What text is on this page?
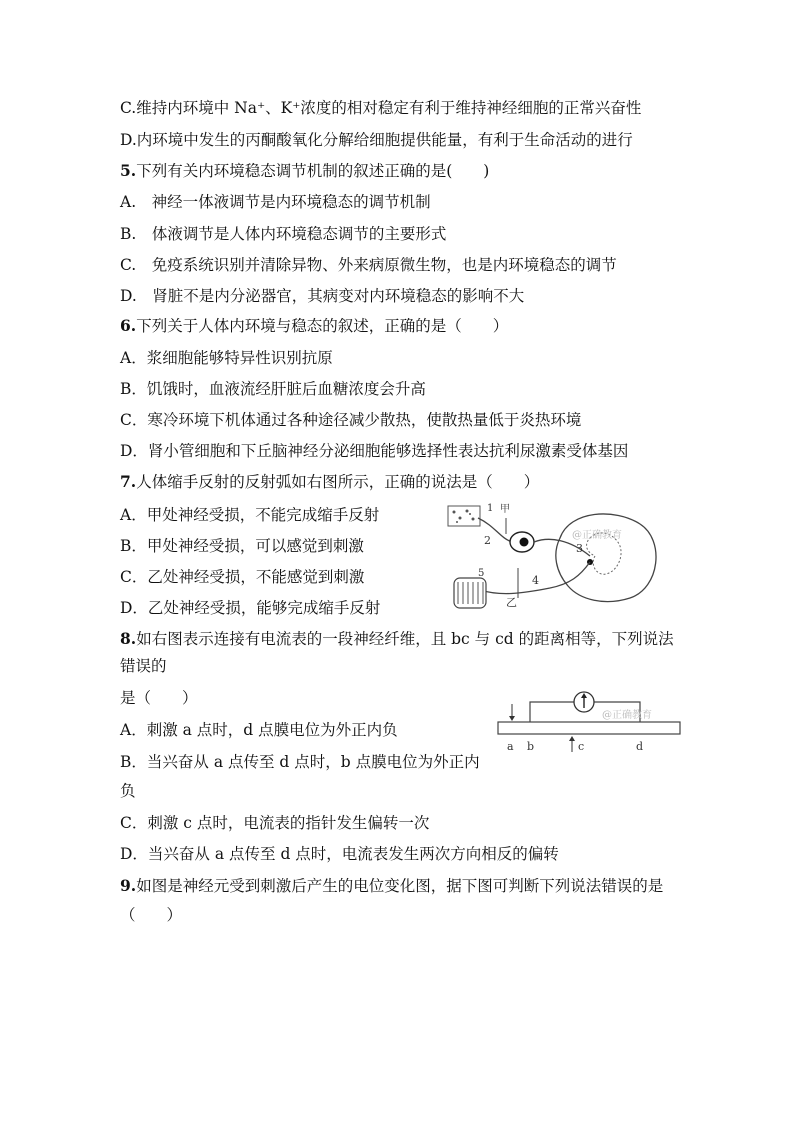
C.维持内环境中 Na⁺、K⁺浓度的相对稳定有利于维持神经细胞的正常兴奋性
D.内环境中发生的丙酮酸氧化分解给细胞提供能量，有利于生命活动的进行
5.下列有关内环境稳态调节机制的叙述正确的是(　　)
A.　神经一体液调节是内环境稳态的调节机制
B.　体液调节是人体内环境稳态调节的主要形式
C.　免疫系统识别并清除异物、外来病原微生物，也是内环境稳态的调节
D.　肾脏不是内分泌器官，其病变对内环境稳态的影响不大
6.下列关于人体内环境与稳态的叙述，正确的是（　　）
A．浆细胞能够特异性识别抗原
B．饥饿时，血液流经肝脏后血糖浓度会升高
C．寒冷环境下机体通过各种途径减少散热，使散热量低于炎热环境
D．肾小管细胞和下丘脑神经分泌细胞能够选择性表达抗利尿激素受体基因
7.人体缩手反射的反射弧如右图所示，正确的说法是（　　）
A．甲处神经受损，不能完成缩手反射
B．甲处神经受损，可以感觉到刺激
C．乙处神经受损，不能感觉到刺激
D．乙处神经受损，能够完成缩手反射
1
2
甲
3
4
@正确教育
乙
5
8.如右图表示连接有电流表的一段神经纤维，且 bc 与 cd 的距离相等，下列说法
错误的
是（　　）
A．刺激 a 点时，d 点膜电位为外正内负
B．当兴奋从 a 点传至 d 点时，b 点膜电位为外正内
负
C．刺激 c 点时，电流表的指针发生偏转一次
D．当兴奋从 a 点传至 d 点时，电流表发生两次方向相反的偏转
@正确教育
a b	c	d
9.如图是神经元受到刺激后产生的电位变化图，据下图可判断下列说法错误的是
（　　）
